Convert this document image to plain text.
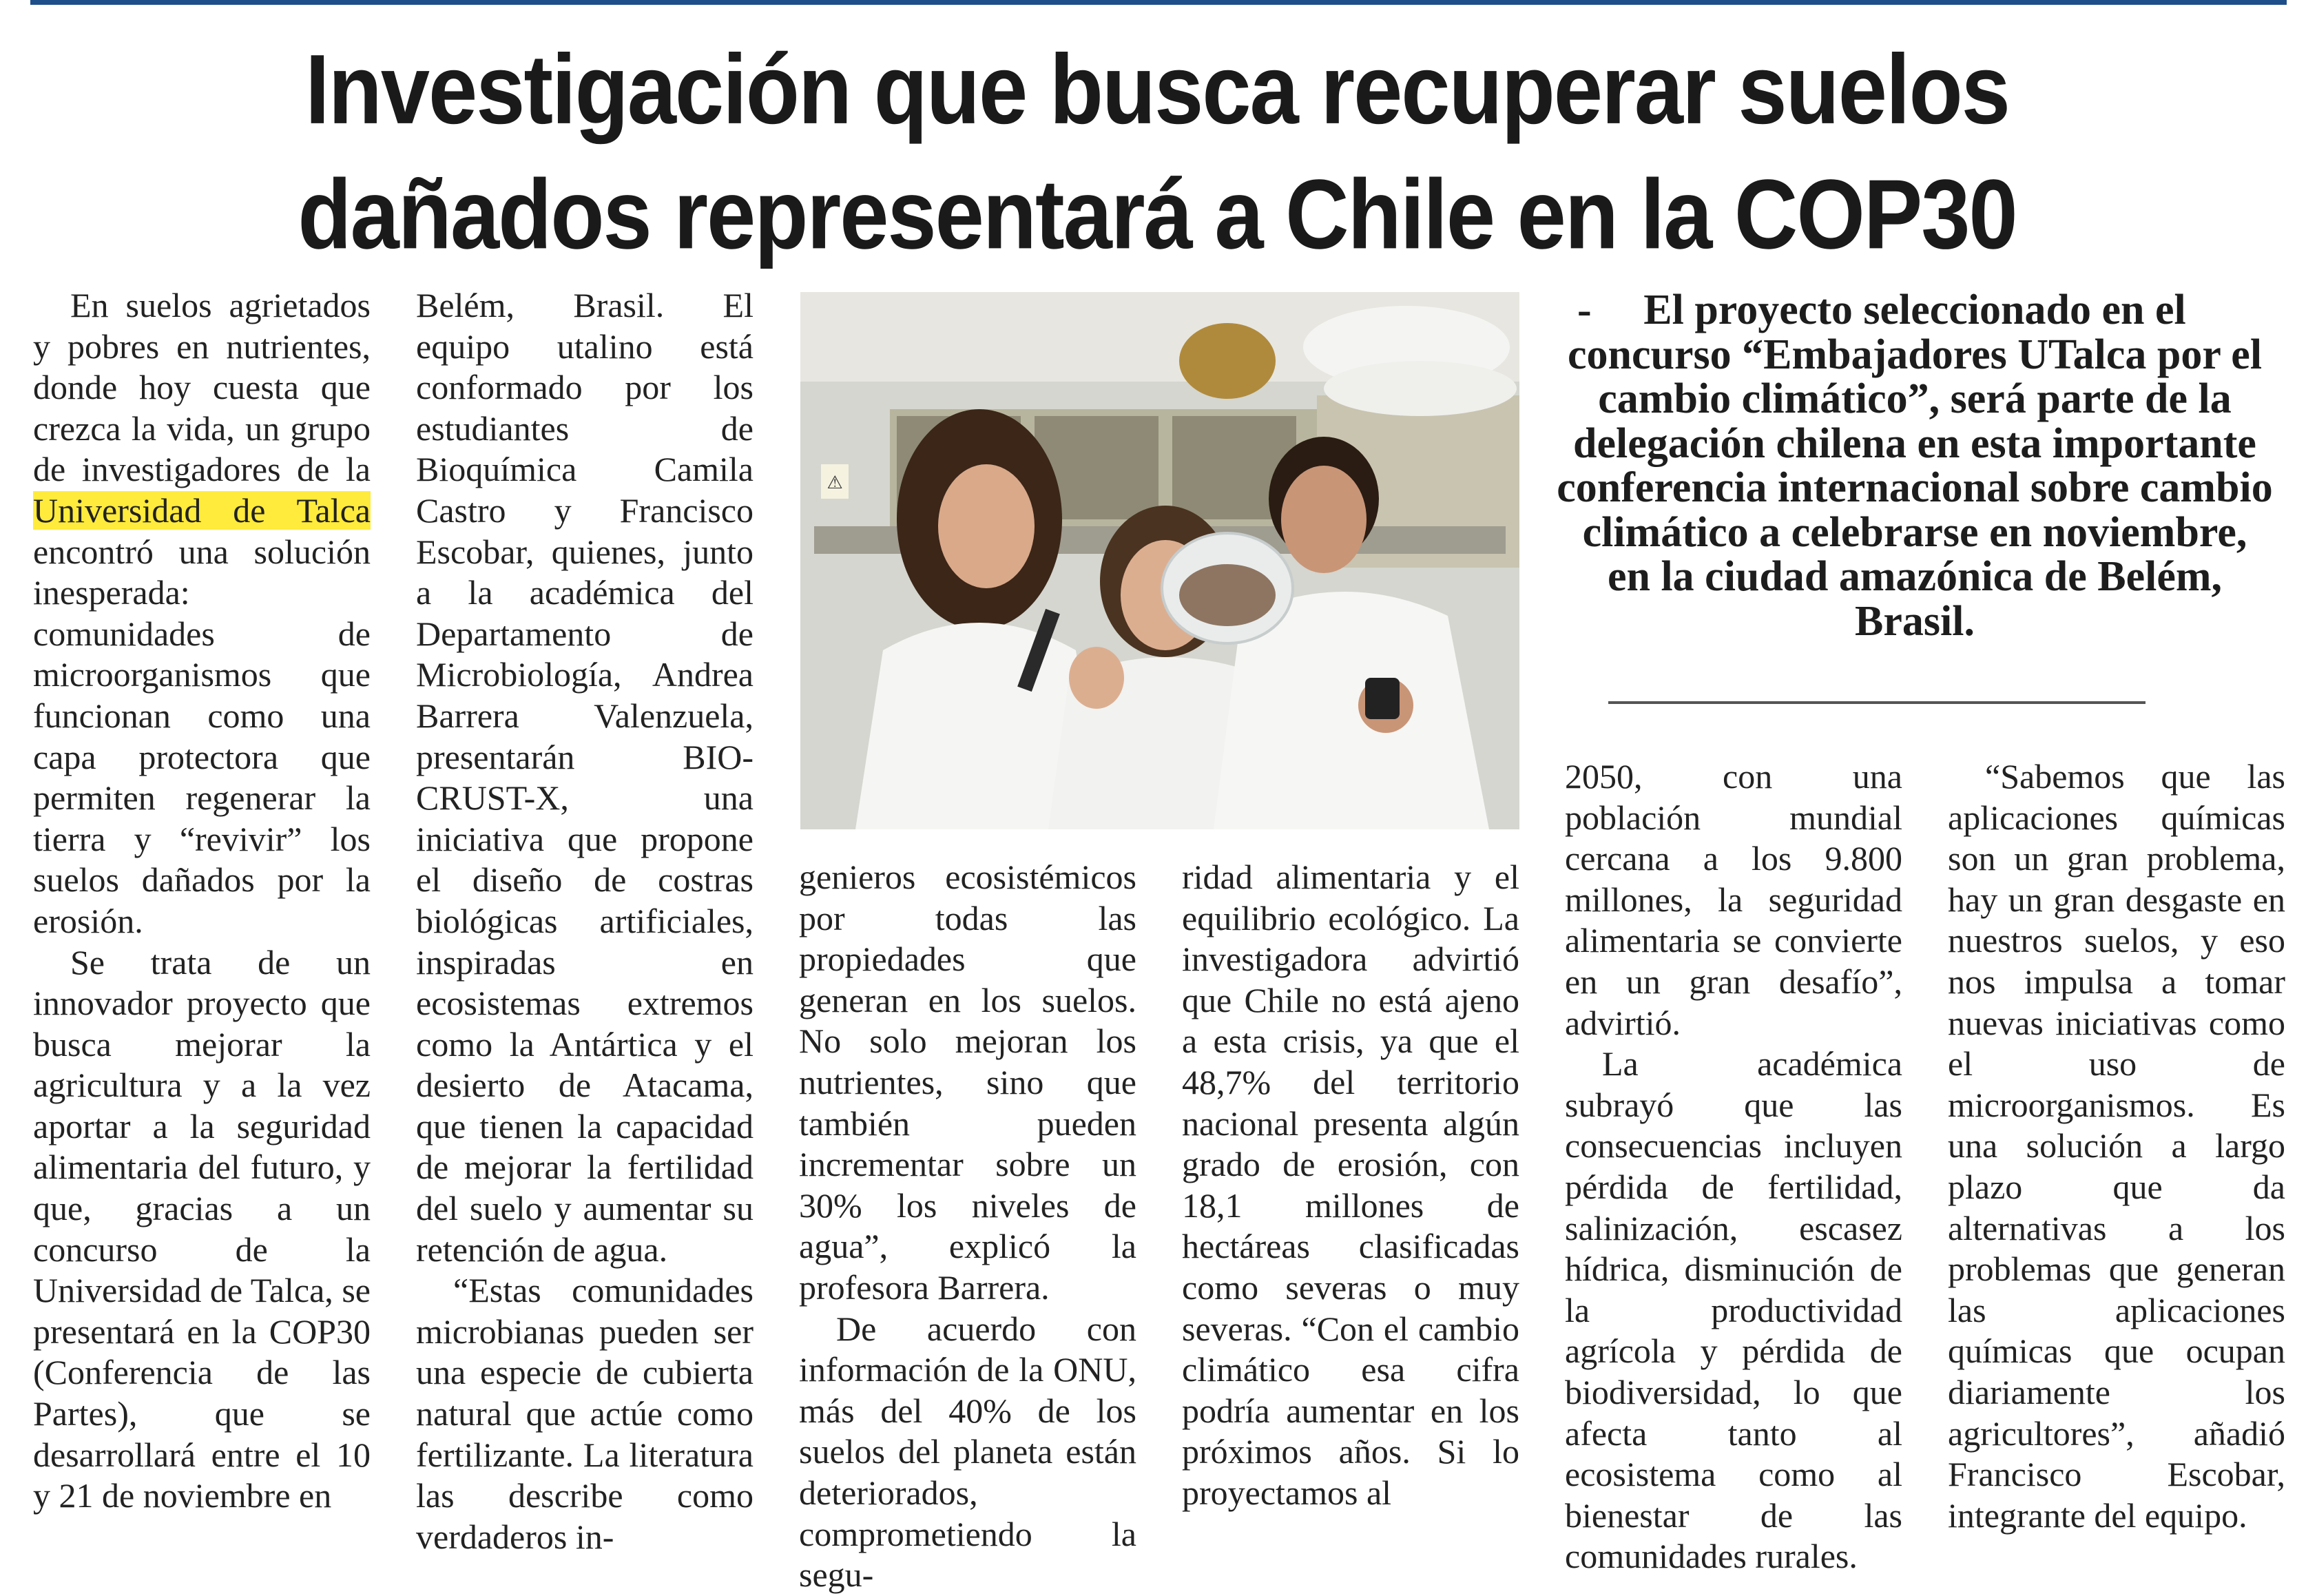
Investigación que busca recuperar suelos
dañados representará a Chile en la COP30

En suelos agrietados y pobres en nutrientes, donde hoy cuesta que crezca la vida, un grupo de investigadores de la Universidad de Talca encontró una solución inesperada: comunidades de microorganismos que funcionan como una capa protectora que permiten regenerar la tierra y “revivir” los suelos dañados por la erosión.

Se trata de un innovador proyecto que busca mejorar la agricultura y a la vez aportar a la seguridad alimentaria del futuro, y que, gracias a un concurso de la Universidad de Talca, se presentará en la COP30 (Conferencia de las Partes), que se desarrollará entre el 10 y 21 de noviembre en

Belém, Brasil. El equipo utalino está conformado por los estudiantes de Bioquímica Camila Castro y Francisco Escobar, quienes, junto a la académica del Departamento de Microbiología, Andrea Barrera Valenzuela, presentarán BIO-CRUST-X, una iniciativa que propone el diseño de costras biológicas artificiales, inspiradas en ecosistemas extremos como la Antártica y el desierto de Atacama, que tienen la capacidad de mejorar la fertilidad del suelo y aumentar su retención de agua.

“Estas comunidades microbianas pueden ser una especie de cubierta natural que actúe como fertilizante. La literatura las describe como verdaderos in-

⚠

genieros ecosistémicos por todas las propiedades que generan en los suelos. No solo mejoran los nutrientes, sino que también pueden incrementar sobre un 30% los niveles de agua”, explicó la profesora Barrera.

De acuerdo con información de la ONU, más del 40% de los suelos del planeta están deteriorados, comprometiendo la segu-

ridad alimentaria y el equilibrio ecológico. La investigadora advirtió que Chile no está ajeno a esta crisis, ya que el 48,7% del territorio nacional presenta algún grado de erosión, con 18,1 millones de hectáreas clasificadas como severas o muy severas. “Con el cambio climático esa cifra podría aumentar en los próximos años. Si lo proyectamos al

- El proyecto seleccionado en el concurso “Embajadores UTalca por el cambio climático”, será parte de la delegación chilena en esta importante conferencia internacional sobre cambio climático a celebrarse en noviembre, en la ciudad amazónica de Belém, Brasil.

2050, con una población mundial cercana a los 9.800 millones, la seguridad alimentaria se convierte en un gran desafío”, advirtió.

La académica subrayó que las consecuencias incluyen pérdida de fertilidad, salinización, escasez hídrica, disminución de la productividad agrícola y pérdida de biodiversidad, lo que afecta tanto al ecosistema como al bienestar de las comunidades rurales.

“Sabemos que las aplicaciones químicas son un gran problema, hay un gran desgaste en nuestros suelos, y eso nos impulsa a tomar nuevas iniciativas como el uso de microorganismos. Es una solución a largo plazo que da alternativas a los problemas que generan las aplicaciones químicas que ocupan diariamente los agricultores”, añadió Francisco Escobar, integrante del equipo.
